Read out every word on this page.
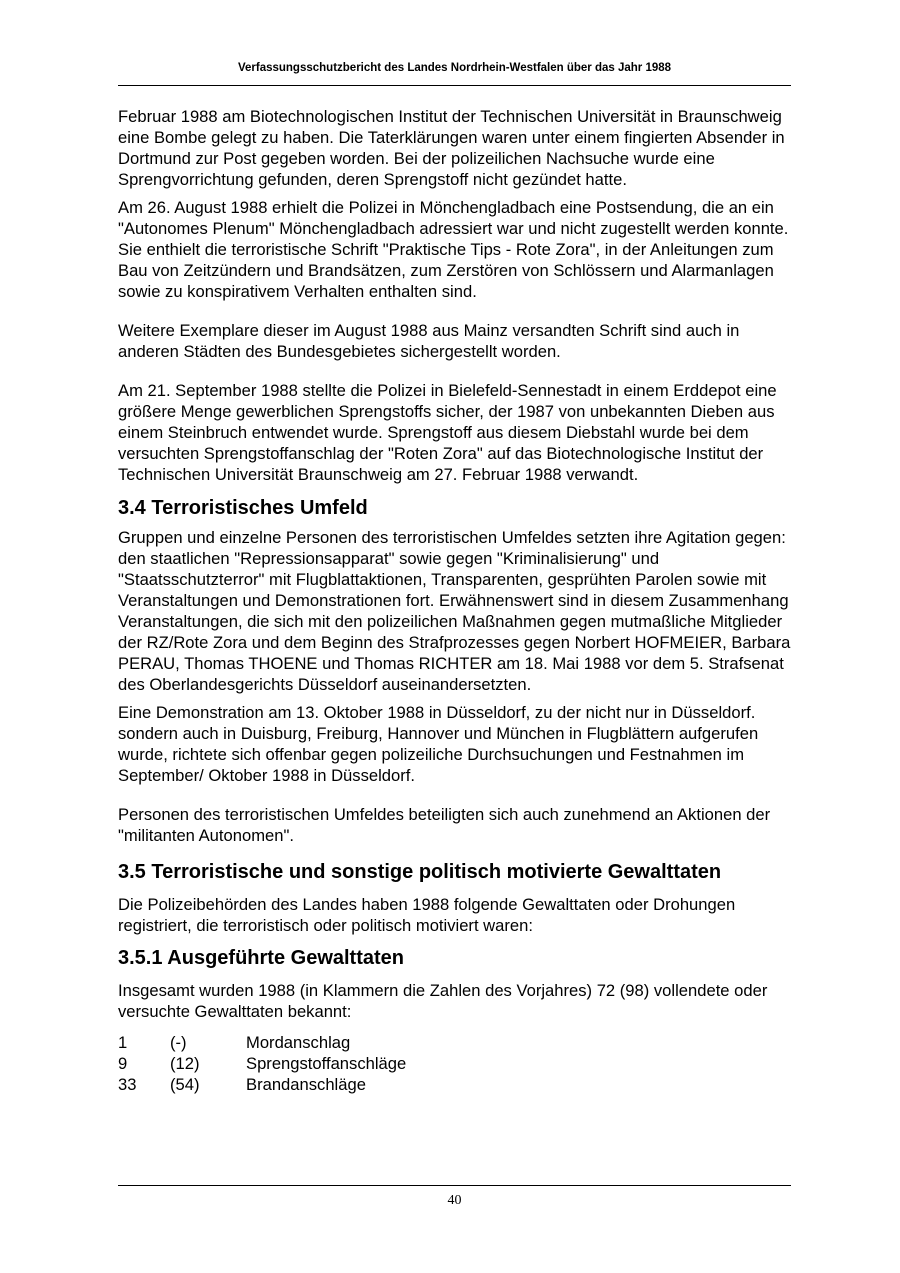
Verfassungsschutzbericht des Landes Nordrhein-Westfalen über das Jahr 1988

Februar 1988 am Biotechnologischen Institut der Technischen Universität in Braunschweig eine Bombe gelegt zu haben. Die Taterklärungen waren unter einem fingierten Absender in Dortmund zur Post gegeben worden. Bei der polizeilichen Nachsuche wurde eine Sprengvorrichtung gefunden, deren Sprengstoff nicht gezündet hatte.

Am 26. August 1988 erhielt die Polizei in Mönchengladbach eine Postsendung, die an ein "Autonomes Plenum" Mönchengladbach adressiert war und nicht zugestellt werden konnte. Sie enthielt die terroristische Schrift "Praktische Tips - Rote Zora", in der Anleitungen zum Bau von Zeitzündern und Brandsätzen, zum Zerstören von Schlössern und Alarmanlagen sowie zu konspirativem Verhalten enthalten sind.

Weitere Exemplare dieser im August 1988 aus Mainz versandten Schrift sind auch in anderen Städten des Bundesgebietes sichergestellt worden.

Am 21. September 1988 stellte die Polizei in Bielefeld-Sennestadt in einem Erddepot eine größere Menge gewerblichen Sprengstoffs sicher, der 1987 von unbekannten Dieben aus einem Steinbruch entwendet wurde. Sprengstoff aus diesem Diebstahl wurde bei dem versuchten Sprengstoffanschlag der "Roten Zora" auf das Biotechnologische Institut der Technischen Universität Braunschweig am 27. Februar 1988 verwandt.

3.4 Terroristisches Umfeld

Gruppen und einzelne Personen des terroristischen Umfeldes setzten ihre Agitation gegen: den staatlichen "Repressionsapparat" sowie gegen "Kriminalisierung" und "Staatsschutzterror" mit Flugblattaktionen, Transparenten, gesprühten Parolen sowie mit Veranstaltungen und Demonstrationen fort. Erwähnenswert sind in diesem Zusammenhang Veranstaltungen, die sich mit den polizeilichen Maßnahmen gegen mutmaßliche Mitglieder der RZ/Rote Zora und dem Beginn des Strafprozesses gegen Norbert HOFMEIER, Barbara PERAU, Thomas THOENE und Thomas RICHTER am 18. Mai 1988 vor dem 5. Strafsenat des Oberlandesgerichts Düsseldorf auseinandersetzten.

Eine Demonstration am 13. Oktober 1988 in Düsseldorf, zu der nicht nur in Düsseldorf. sondern auch in Duisburg, Freiburg, Hannover und München in Flugblättern aufgerufen wurde, richtete sich offenbar gegen polizeiliche Durchsuchungen und Festnahmen im September/ Oktober 1988 in Düsseldorf.

Personen des terroristischen Umfeldes beteiligten sich auch zunehmend an Aktionen der "militanten Autonomen".

3.5 Terroristische und sonstige politisch motivierte Gewalttaten

Die Polizeibehörden des Landes haben 1988 folgende Gewalttaten oder Drohungen registriert, die terroristisch oder politisch motiviert waren:

3.5.1 Ausgeführte Gewalttaten

Insgesamt wurden 1988 (in Klammern die Zahlen des Vorjahres) 72 (98) vollendete oder versuchte Gewalttaten bekannt:

1	(-)	Mordanschlag
9	(12)	Sprengstoffanschläge
33	(54)	Brandanschläge
40
